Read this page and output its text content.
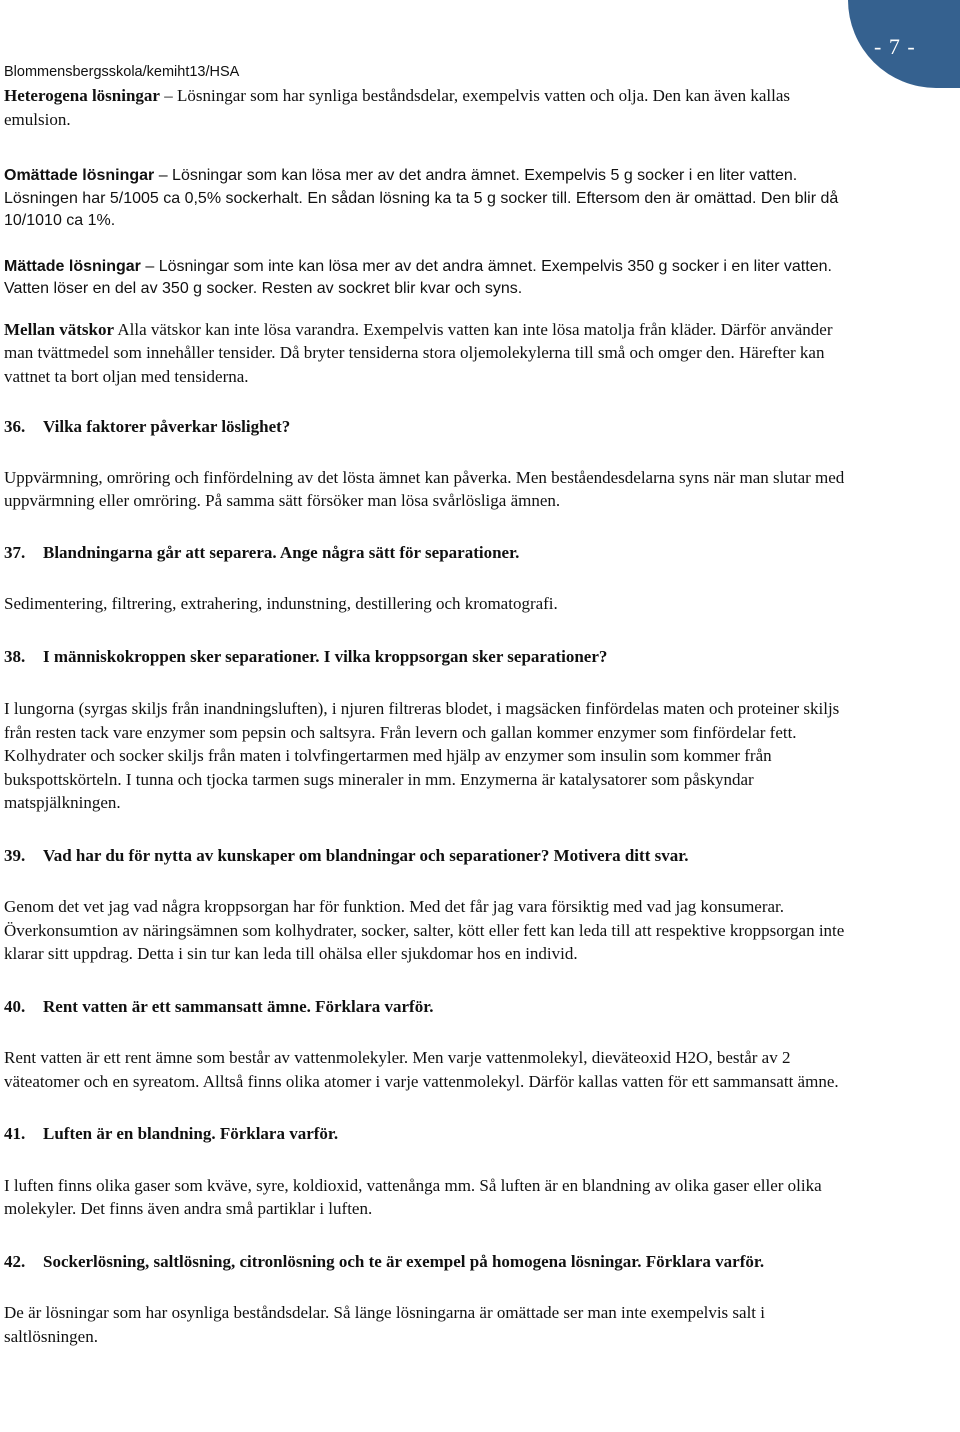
- 7 -
Blommensbergsskola/kemiht13/HSA

Heterogena lösningar – Lösningar som har synliga beståndsdelar, exempelvis vatten och olja. Den kan även kallas emulsion.

Omättade lösningar – Lösningar som kan lösa mer av det andra ämnet. Exempelvis 5 g socker i en liter vatten. Lösningen har 5/1005 ca 0,5% sockerhalt. En sådan lösning ka ta 5 g socker till. Eftersom den är omättad. Den blir då 10/1010 ca 1%.

Mättade lösningar – Lösningar som inte kan lösa mer av det andra ämnet. Exempelvis 350 g socker i en liter vatten. Vatten löser en del av 350 g socker. Resten av sockret blir kvar och syns.

Mellan vätskor Alla vätskor kan inte lösa varandra. Exempelvis vatten kan inte lösa matolja från kläder. Därför använder man tvättmedel som innehåller tensider. Då bryter tensiderna stora oljemolekylerna till små och omger den. Härefter kan vattnet ta bort oljan med tensiderna.

36.	Vilka faktorer påverkar löslighet?

Uppvärmning, omröring och finfördelning av det lösta ämnet kan påverka. Men beståendesdelarna syns när man slutar med uppvärmning eller omröring. På samma sätt försöker man lösa svårlösliga ämnen.

37.	Blandningarna går att separera. Ange några sätt för separationer.

Sedimentering, filtrering, extrahering, indunstning, destillering och kromatografi.

38.	I människokroppen sker separationer. I vilka kroppsorgan sker separationer?

I lungorna (syrgas skiljs från inandningsluften), i njuren filtreras blodet, i magsäcken finfördelas maten och proteiner skiljs från resten tack vare enzymer som pepsin och saltsyra. Från levern och gallan kommer enzymer som finfördelar fett. Kolhydrater och socker skiljs från maten i tolvfingertarmen med hjälp av enzymer som insulin som kommer från bukspottskörteln. I tunna och tjocka tarmen sugs mineraler in mm. Enzymerna är katalysatorer som påskyndar matspjälkningen.

39.	Vad har du för nytta av kunskaper om blandningar och separationer? Motivera ditt svar.

Genom det vet jag vad några kroppsorgan har för funktion. Med det får jag vara försiktig med vad jag konsumerar. Överkonsumtion av näringsämnen som kolhydrater, socker, salter, kött eller fett kan leda till att respektive kroppsorgan inte klarar sitt uppdrag. Detta i sin tur kan leda till ohälsa eller sjukdomar hos en individ.

40.	Rent vatten är ett sammansatt ämne. Förklara varför.

Rent vatten är ett rent ämne som består av vattenmolekyler. Men varje vattenmolekyl, dieväteoxid H2O, består av 2 väteatomer och en syreatom. Alltså finns olika atomer i varje vattenmolekyl. Därför kallas vatten för ett sammansatt ämne.

41.	Luften är en blandning. Förklara varför.

I luften finns olika gaser som kväve, syre, koldioxid, vattenånga mm. Så luften är en blandning av olika gaser eller olika molekyler. Det finns även andra små partiklar i luften.

42.	Sockerlösning, saltlösning, citronlösning och te är exempel på homogena lösningar. Förklara varför.

De är lösningar som har osynliga beståndsdelar. Så länge lösningarna är omättade ser man inte exempelvis salt i saltlösningen.
